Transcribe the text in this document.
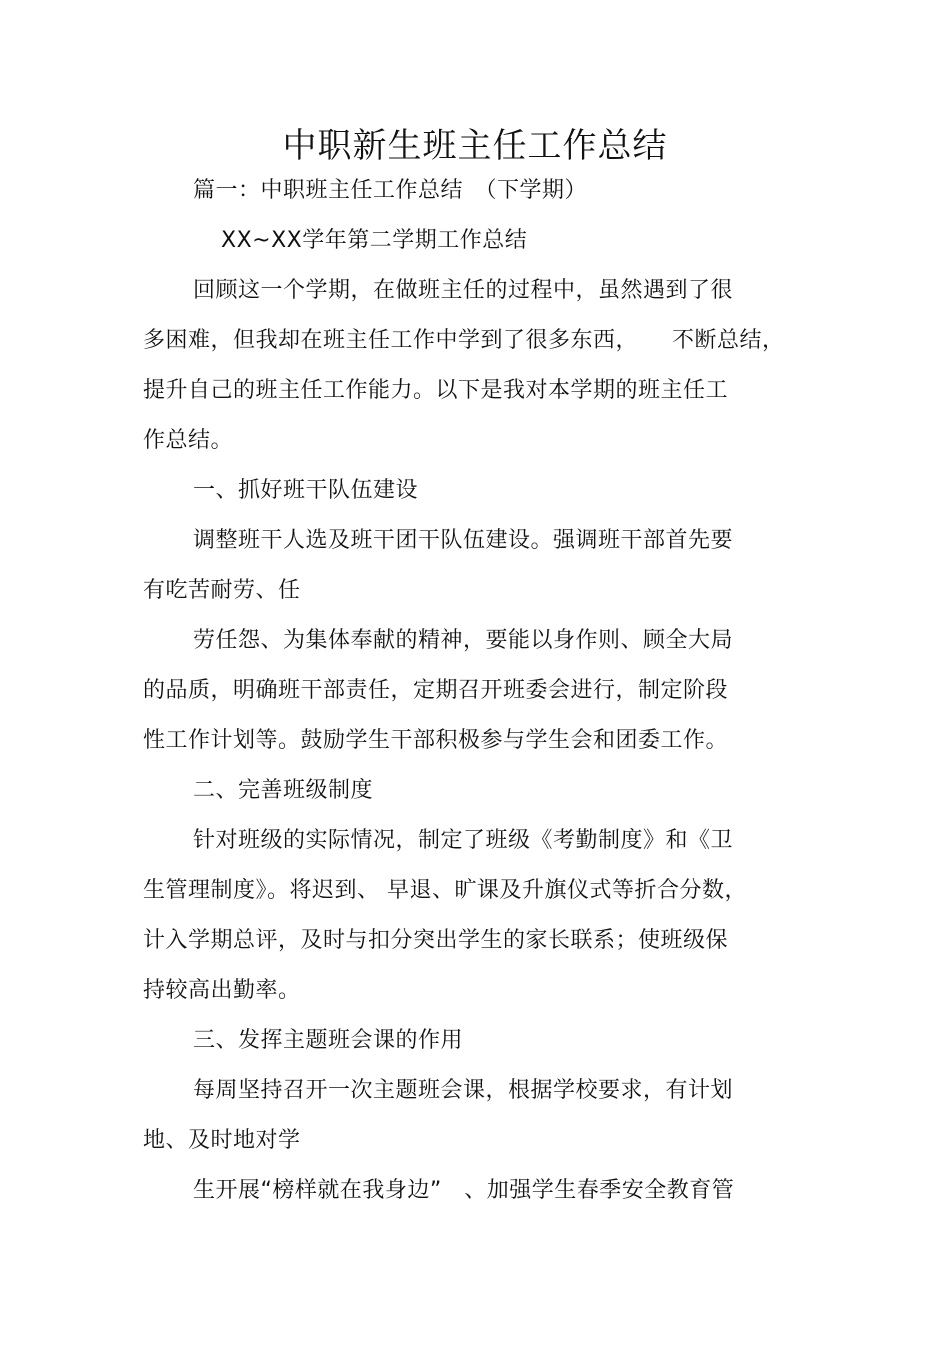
中职新生班主任工作总结
篇一：中职班主任工作总结　（下学期）
XX~XX学年第二学期工作总结
回顾这一个学期，在做班主任的过程中，虽然遇到了很
多困难，但我却在班主任工作中学到了很多东西，　　不断总结，
提升自己的班主任工作能力。以下是我对本学期的班主任工
作总结。
一、抓好班干队伍建设
调整班干人选及班干团干队伍建设。强调班干部首先要
有吃苦耐劳、任
劳任怨、为集体奉献的精神，要能以身作则、顾全大局
的品质，明确班干部责任，定期召开班委会进行，制定阶段
性工作计划等。鼓励学生干部积极参与学生会和团委工作。
二、完善班级制度
针对班级的实际情况，制定了班级《考勤制度》和《卫
生管理制度》。将迟到、 早退、旷课及升旗仪式等折合分数，
计入学期总评，及时与扣分突出学生的家长联系；使班级保
持较高出勤率。
三、发挥主题班会课的作用
每周坚持召开一次主题班会课，根据学校要求，有计划
地、及时地对学
生开展“榜样就在我身边”　、加强学生春季安全教育管
